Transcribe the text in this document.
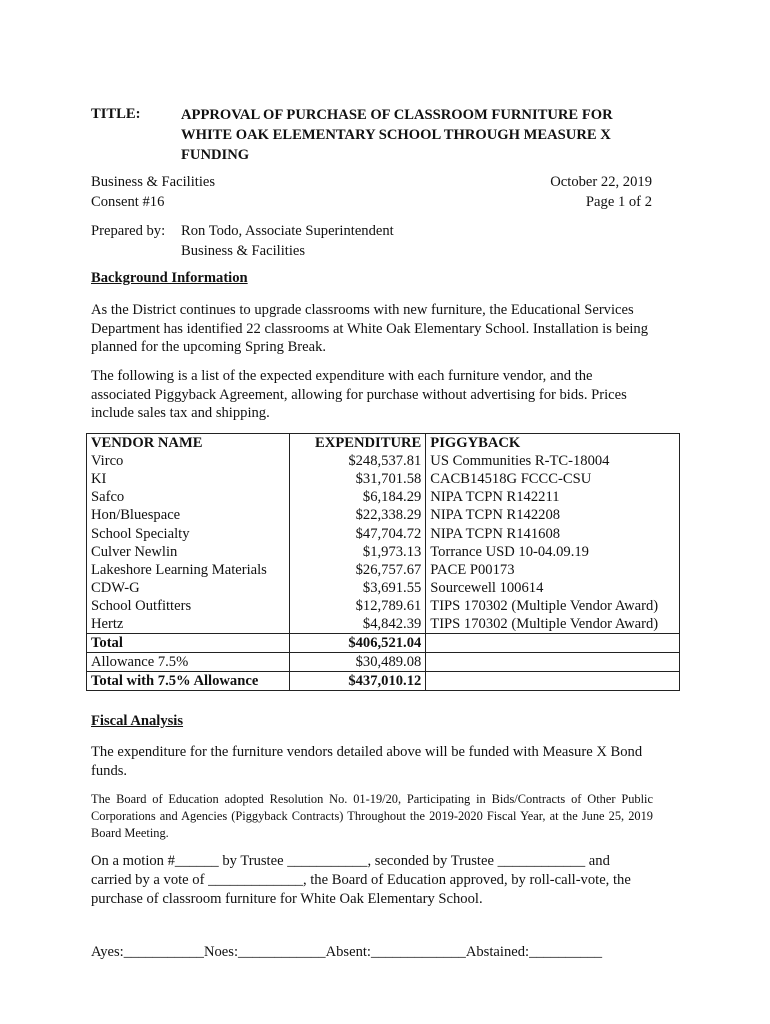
TITLE:	APPROVAL OF PURCHASE OF CLASSROOM FURNITURE FOR
WHITE OAK ELEMENTARY SCHOOL THROUGH MEASURE X
FUNDING
Business & Facilities	October 22, 2019
Consent #16	Page 1 of 2
Prepared by: Ron Todo, Associate Superintendent
Business & Facilities
Background Information
As the District continues to upgrade classrooms with new furniture, the Educational Services Department has identified 22 classrooms at White Oak Elementary School. Installation is being planned for the upcoming Spring Break.
The following is a list of the expected expenditure with each furniture vendor, and the associated Piggyback Agreement, allowing for purchase without advertising for bids. Prices include sales tax and shipping.
VENDOR NAME	EXPENDITURE	PIGGYBACK
Virco	$248,537.81	US Communities R-TC-18004
KI	$31,701.58	CACB14518G FCCC-CSU
Safco	$6,184.29	NIPA TCPN R142211
Hon/Bluespace	$22,338.29	NIPA TCPN R142208
School Specialty	$47,704.72	NIPA TCPN R141608
Culver Newlin	$1,973.13	Torrance USD 10-04.09.19
Lakeshore Learning Materials	$26,757.67	PACE P00173
CDW-G	$3,691.55	Sourcewell 100614
School Outfitters	$12,789.61	TIPS 170302 (Multiple Vendor Award)
Hertz	$4,842.39	TIPS 170302 (Multiple Vendor Award)
Total	$406,521.04	
Allowance 7.5%	$30,489.08	
Total with 7.5% Allowance	$437,010.12	
Fiscal Analysis
The expenditure for the furniture vendors detailed above will be funded with Measure X Bond funds.
The Board of Education adopted Resolution No. 01-19/20, Participating in Bids/Contracts of Other Public Corporations and Agencies (Piggyback Contracts) Throughout the 2019-2020 Fiscal Year, at the June 25, 2019 Board Meeting.
On a motion #______ by Trustee ___________, seconded by Trustee ____________ and
carried by a vote of _____________, the Board of Education approved, by roll-call-vote, the
purchase of classroom furniture for White Oak Elementary School.
Ayes:___________Noes:____________Absent:_____________Abstained:__________
